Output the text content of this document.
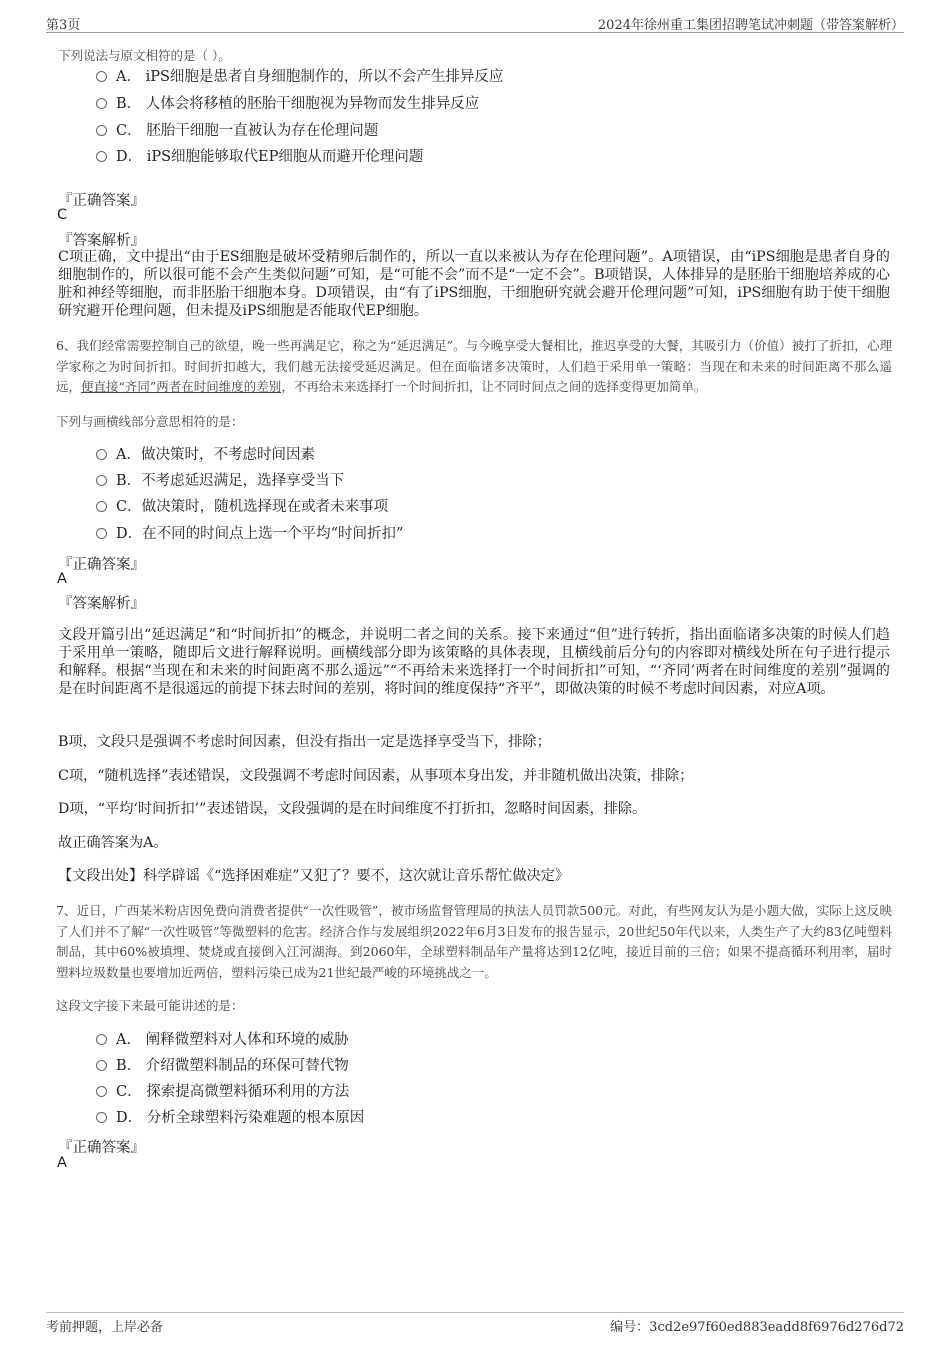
第3页	2024年徐州重工集团招聘笔试冲刺题（带答案解析）
下列说法与原文相符的是（ ）。
A． iPS细胞是患者自身细胞制作的，所以不会产生排异反应
B． 人体会将移植的胚胎干细胞视为异物而发生排异反应
C． 胚胎干细胞一直被认为存在伦理问题
D． iPS细胞能够取代EP细胞从而避开伦理问题
『正确答案』
C
『答案解析』
C项正确，文中提出“由于ES细胞是破坏受精卵后制作的，所以一直以来被认为存在伦理问题”。A项错误，由“iPS细胞是患者自身的细胞制作的，所以很可能不会产生类似问题”可知，是“可能不会”而不是“一定不会”。B项错误，人体排异的是胚胎干细胞培养成的心脏和神经等细胞，而非胚胎干细胞本身。D项错误，由“有了iPS细胞，干细胞研究就会避开伦理问题”可知，iPS细胞有助于使干细胞研究避开伦理问题，但未提及iPS细胞是否能取代EP细胞。
6、我们经常需要控制自己的欲望，晚一些再满足它，称之为“延迟满足”。与今晚享受大餐相比，推迟享受的大餐，其吸引力（价值）被打了折扣，心理学家称之为时间折扣。时间折扣越大，我们越无法接受延迟满足。但在面临诸多决策时，人们趋于采用单一策略：当现在和未来的时间距离不那么遥远，便直接“齐同”两者在时间维度的差别，不再给未来选择打一个时间折扣，让不同时间点之间的选择变得更加简单。
下列与画横线部分意思相符的是：
A．做决策时，不考虑时间因素
B．不考虑延迟满足，选择享受当下
C．做决策时，随机选择现在或者未来事项
D．在不同的时间点上选一个平均“时间折扣”
『正确答案』
A
『答案解析』
文段开篇引出“延迟满足”和“时间折扣”的概念，并说明二者之间的关系。接下来通过“但”进行转折，指出面临诸多决策的时候人们趋于采用单一策略，随即后文进行解释说明。画横线部分即为该策略的具体表现，且横线前后分句的内容即对横线处所在句子进行提示和解释。根据“当现在和未来的时间距离不那么遥远”“不再给未来选择打一个时间折扣”可知，“‘齐同’两者在时间维度的差别”强调的是在时间距离不是很遥远的前提下抹去时间的差别，将时间的维度保持“齐平”，即做决策的时候不考虑时间因素，对应A项。
B项，文段只是强调不考虑时间因素，但没有指出一定是选择享受当下，排除；
C项，“随机选择”表述错误，文段强调不考虑时间因素，从事项本身出发，并非随机做出决策，排除；
D项，“平均‘时间折扣’”表述错误，文段强调的是在时间维度不打折扣，忽略时间因素，排除。
故正确答案为A。
【文段出处】科学辟谣《“选择困难症”又犯了？要不，这次就让音乐帮忙做决定》
7、近日，广西某米粉店因免费向消费者提供“一次性吸管”，被市场监督管理局的执法人员罚款500元。对此，有些网友认为是小题大做，实际上这反映了人们并不了解“一次性吸管”等微塑料的危害。经济合作与发展组织2022年6月3日发布的报告显示，20世纪50年代以来，人类生产了大约83亿吨塑料制品，其中60%被填埋、焚烧或直接倒入江河湖海。到2060年，全球塑料制品年产量将达到12亿吨，接近目前的三倍；如果不提高循环利用率，届时塑料垃圾数量也要增加近两倍，塑料污染已成为21世纪最严峻的环境挑战之一。
这段文字接下来最可能讲述的是：
A． 阐释微塑料对人体和环境的威胁
B． 介绍微塑料制品的环保可替代物
C． 探索提高微塑料循环利用的方法
D． 分析全球塑料污染难题的根本原因
『正确答案』
A
考前押题，上岸必备	编号：3cd2e97f60ed883eadd8f6976d276d72
